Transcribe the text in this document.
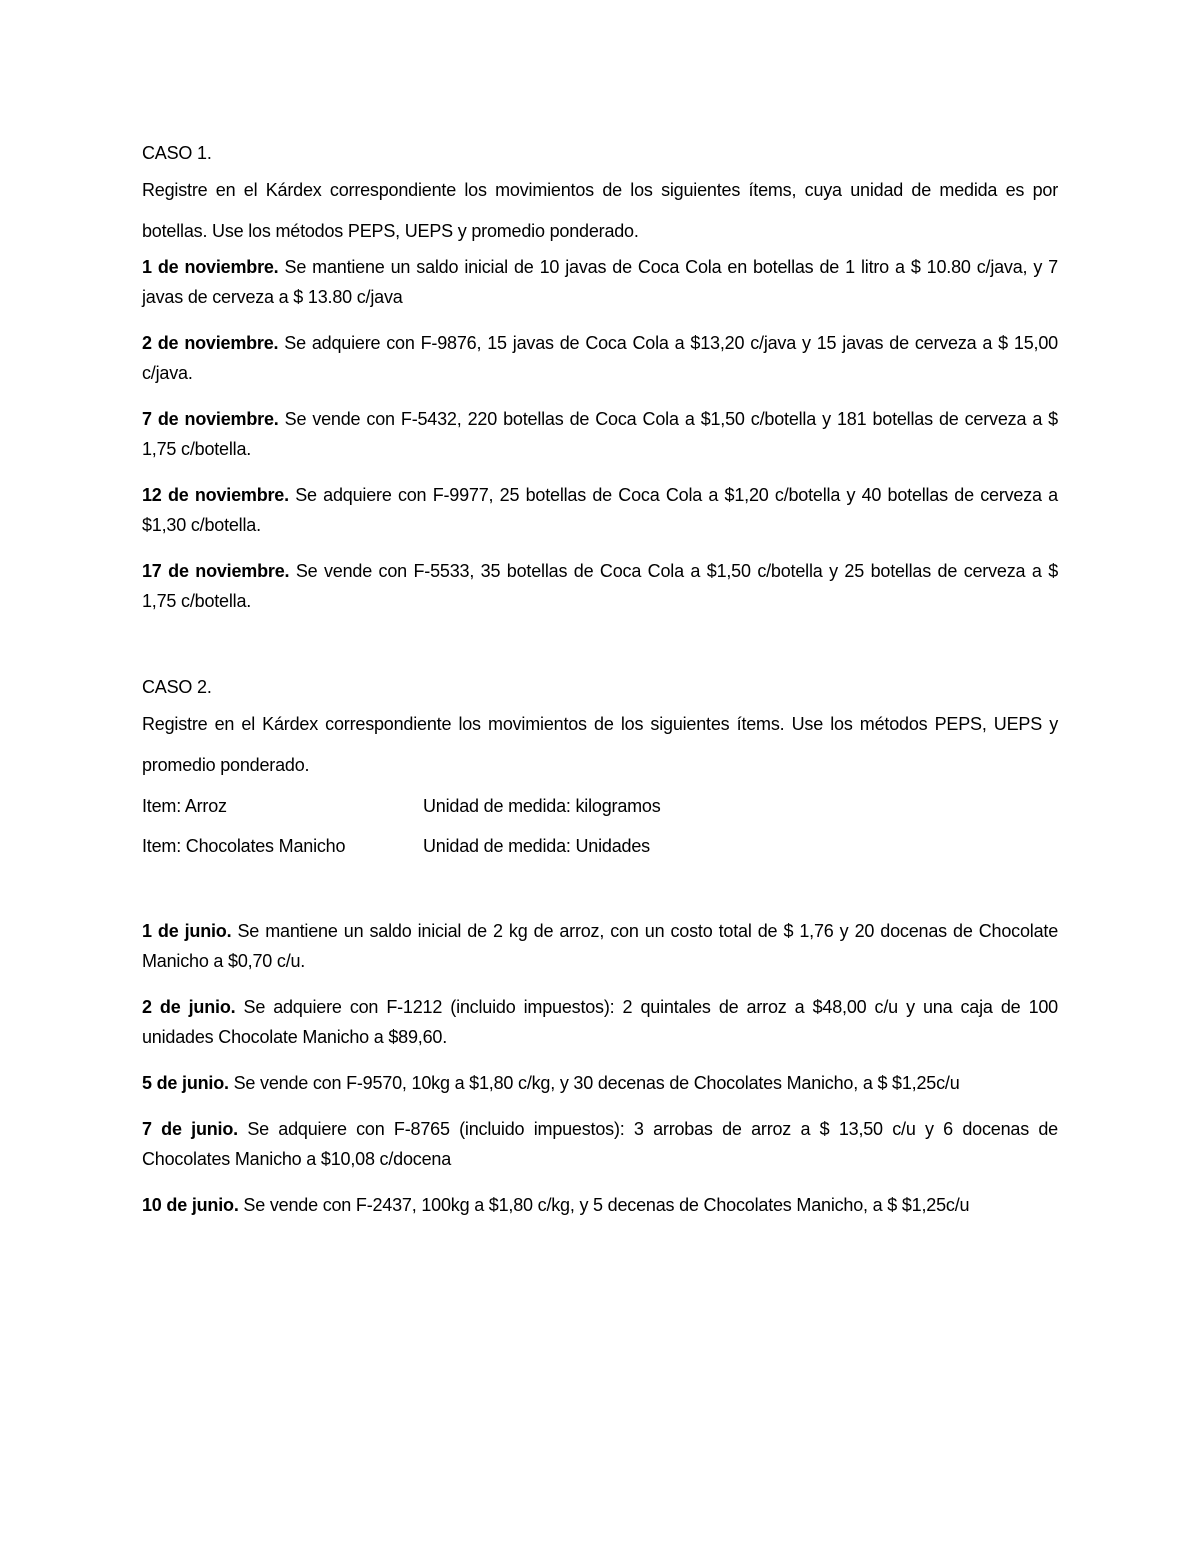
CASO 1.

Registre en el Kárdex correspondiente los movimientos de los siguientes ítems, cuya unidad de medida es por botellas. Use los métodos PEPS, UEPS y promedio ponderado.

1 de noviembre. Se mantiene un saldo inicial de 10 javas de Coca Cola en botellas de 1 litro a $ 10.80 c/java, y 7 javas de cerveza a $ 13.80 c/java

2 de noviembre. Se adquiere con F-9876, 15 javas de Coca Cola a $13,20 c/java y 15 javas de cerveza a $ 15,00 c/java.

7 de noviembre. Se vende con F-5432, 220 botellas de Coca Cola a $1,50 c/botella y 181 botellas de cerveza a $ 1,75 c/botella.

12 de noviembre. Se adquiere con F-9977, 25 botellas de Coca Cola a $1,20 c/botella y 40 botellas de cerveza a $1,30 c/botella.

17 de noviembre. Se vende con F-5533, 35 botellas de Coca Cola a $1,50 c/botella y 25 botellas de cerveza a $ 1,75 c/botella.

CASO 2.

Registre en el Kárdex correspondiente los movimientos de los siguientes ítems. Use los métodos PEPS, UEPS y promedio ponderado.

Item: Arroz	Unidad de medida: kilogramos
Item: Chocolates Manicho	Unidad de medida: Unidades

1 de junio. Se mantiene un saldo inicial de 2 kg de arroz, con un costo total de $ 1,76 y 20 docenas de Chocolate Manicho a $0,70 c/u.

2 de junio. Se adquiere con F-1212 (incluido impuestos): 2 quintales de arroz a $48,00 c/u y una caja de 100 unidades Chocolate Manicho a $89,60.

5 de junio. Se vende con F-9570, 10kg a $1,80 c/kg, y 30 decenas de Chocolates Manicho, a $ $1,25c/u

7 de junio. Se adquiere con F-8765 (incluido impuestos): 3 arrobas de arroz a $ 13,50 c/u y 6 docenas de Chocolates Manicho a $10,08 c/docena

10 de junio. Se vende con F-2437, 100kg a $1,80 c/kg, y 5 decenas de Chocolates Manicho, a $ $1,25c/u
